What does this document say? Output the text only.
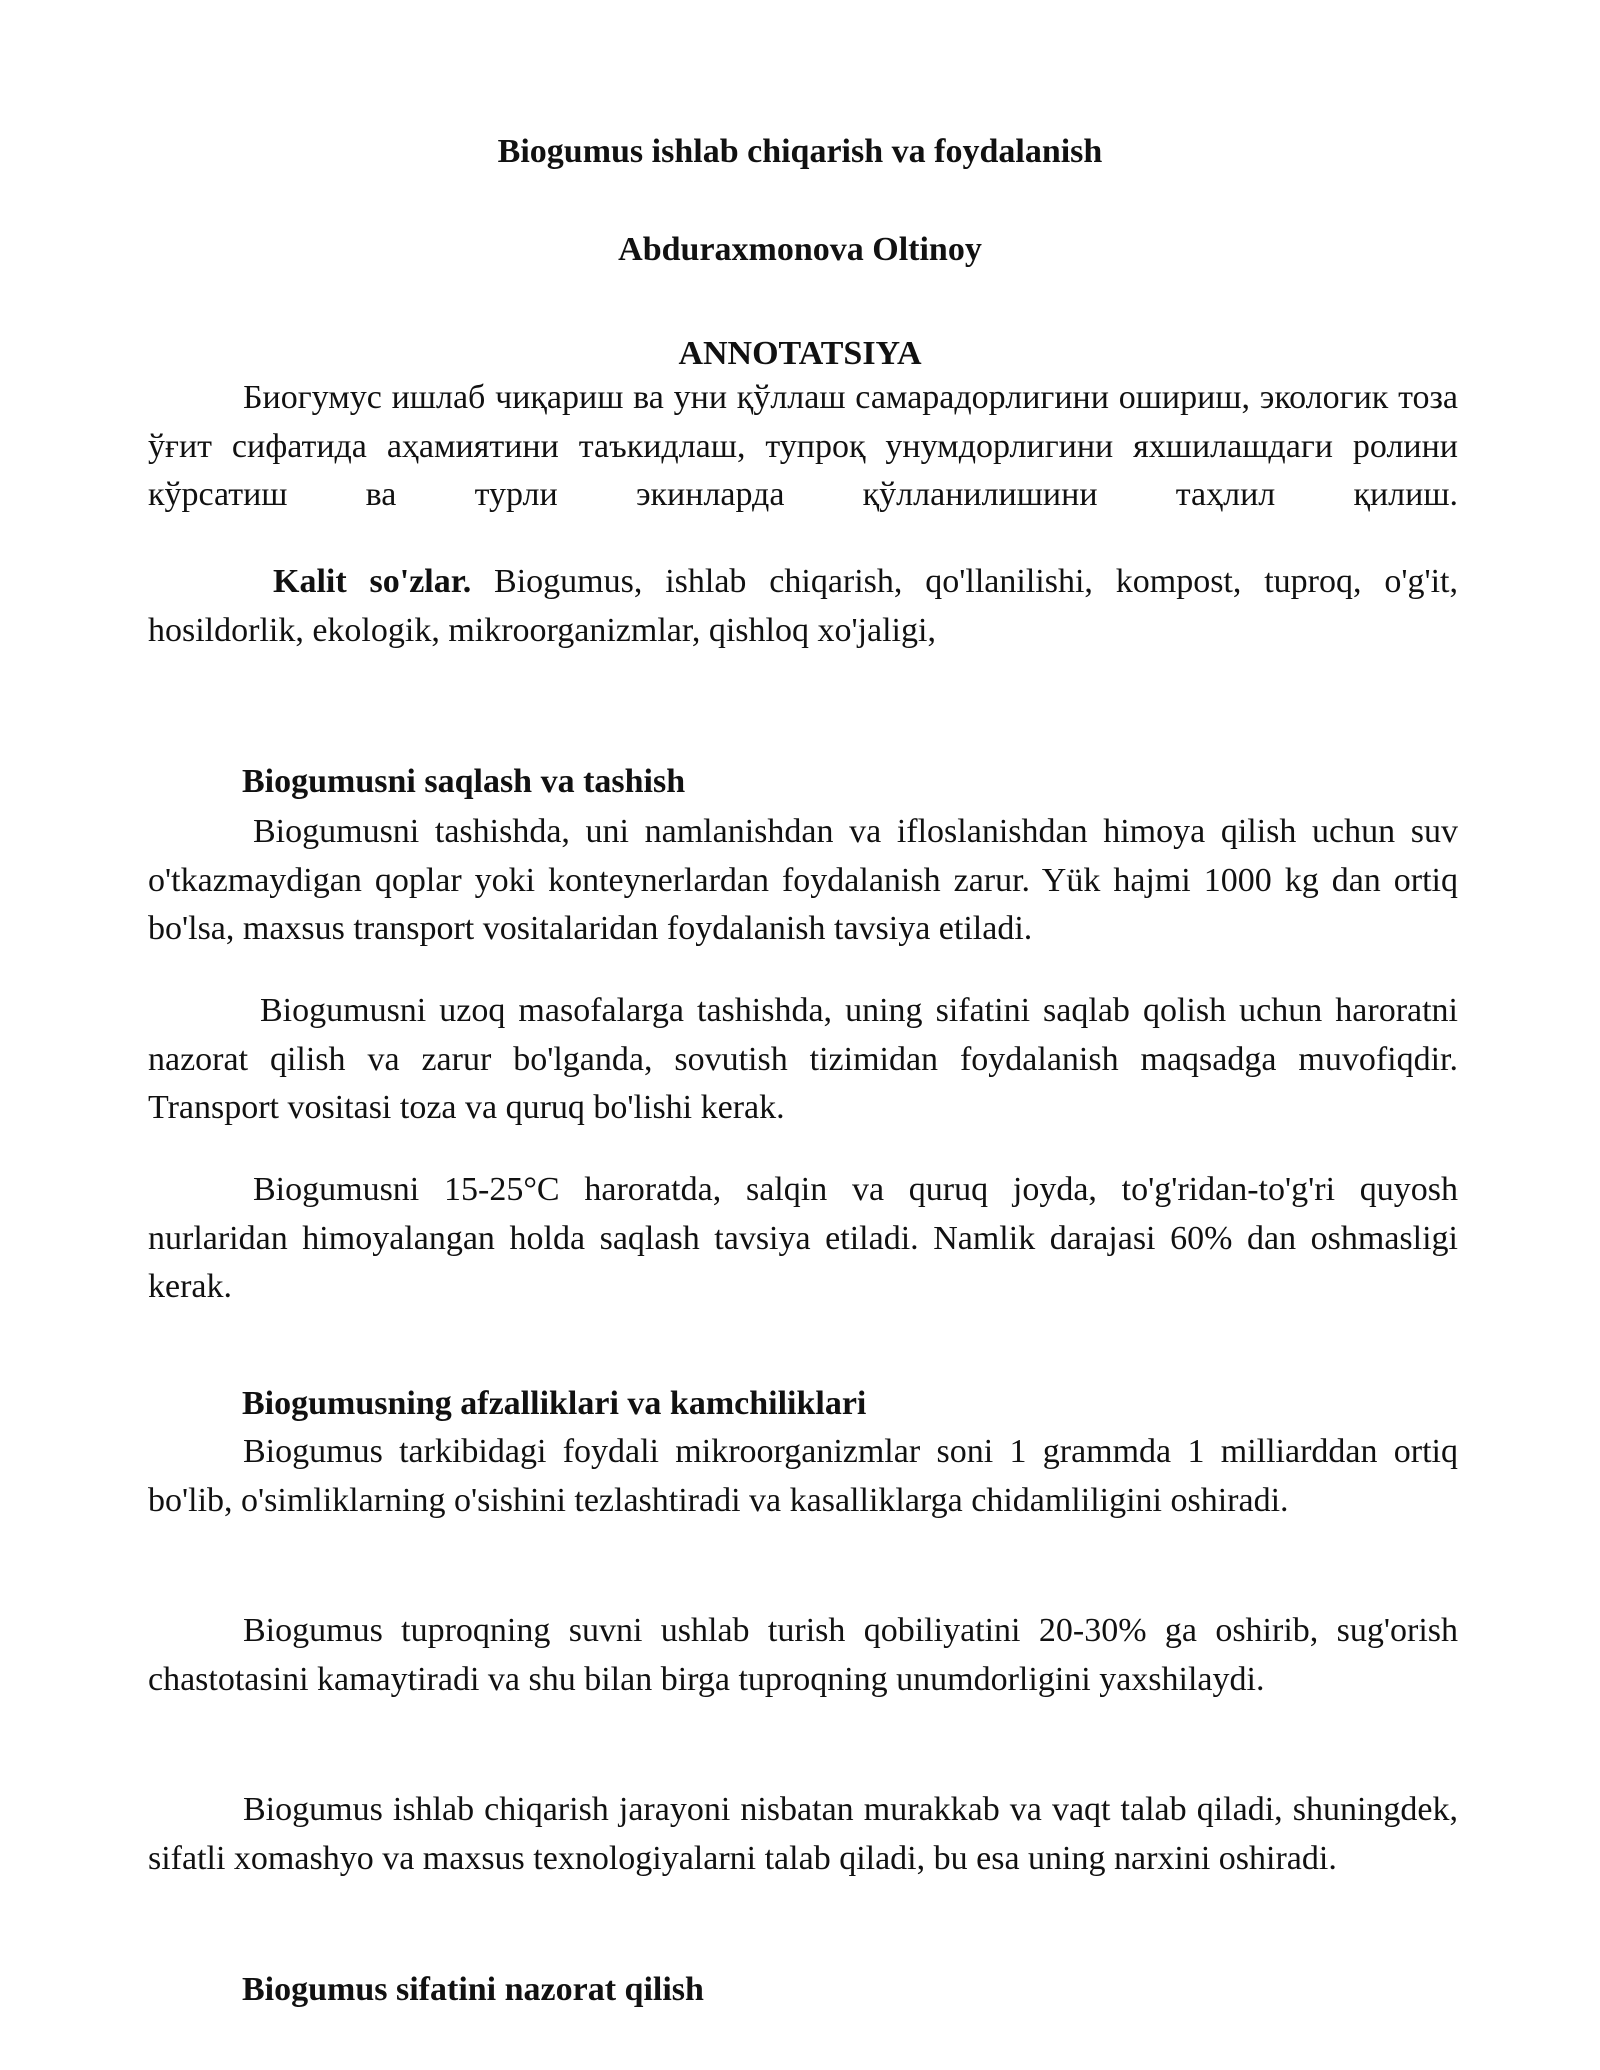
Biogumus ishlab chiqarish va foydalanish
Abduraxmonova Oltinoy
ANNOTATSIYA
Биогумус ишлаб чиқариш ва уни қўллаш самарадорлигини ошириш, экологик тоза ўғит сифатида аҳамиятини таъкидлаш, тупроқ унумдорлигини яхшилашдаги ролини кўрсатиш ва турли экинларда қўлланилишини таҳлил қилиш.
Kalit so'zlar. Biogumus, ishlab chiqarish, qo'llanilishi, kompost, tuproq, o'g'it, hosildorlik, ekologik, mikroorganizmlar, qishloq xo'jaligi,
Biogumusni saqlash va tashish
Biogumusni tashishda, uni namlanishdan va ifloslanishdan himoya qilish uchun suv o'tkazmaydigan qoplar yoki konteynerlardan foydalanish zarur. Yük hajmi 1000 kg dan ortiq bo'lsa, maxsus transport vositalaridan foydalanish tavsiya etiladi.
Biogumusni uzoq masofalarga tashishda, uning sifatini saqlab qolish uchun haroratni nazorat qilish va zarur bo'lganda, sovutish tizimidan foydalanish maqsadga muvofiqdir. Transport vositasi toza va quruq bo'lishi kerak.
Biogumusni 15-25°C haroratda, salqin va quruq joyda, to'g'ridan-to'g'ri quyosh nurlaridan himoyalangan holda saqlash tavsiya etiladi. Namlik darajasi 60% dan oshmasligi kerak.
Biogumusning afzalliklari va kamchiliklari
Biogumus tarkibidagi foydali mikroorganizmlar soni 1 grammda 1 milliarddan ortiq bo'lib, o'simliklarning o'sishini tezlashtiradi va kasalliklarga chidamliligini oshiradi.
Biogumus tuproqning suvni ushlab turish qobiliyatini 20-30% ga oshirib, sug'orish chastotasini kamaytiradi va shu bilan birga tuproqning unumdorligini yaxshilaydi.
Biogumus ishlab chiqarish jarayoni nisbatan murakkab va vaqt talab qiladi, shuningdek, sifatli xomashyo va maxsus texnologiyalarni talab qiladi, bu esa uning narxini oshiradi.
Biogumus sifatini nazorat qilish
